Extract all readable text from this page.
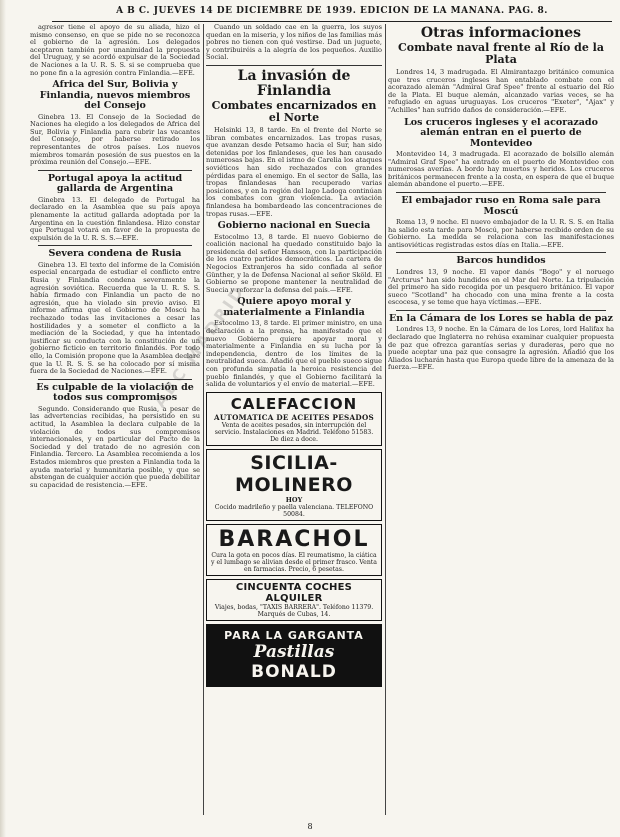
A B C. JUEVES 14 DE DICIEMBRE DE 1939. EDICION DE LA MAÑANA. PAG. 8.

agresor tiene el apoyo de su aliada, hizo el mismo consenso, en que se pide no se reconozca el gobierno de la agresión. Los delegados aceptaron también por unanimidad la propuesta del Uruguay, y se acordó expulsar de la Sociedad de Naciones a la U. R. S. S. si se comprueba que no pone fin a la agresión contra Finlandia.—EFE.

Africa del Sur, Bolivia y Finlandia, nuevos miembros del Consejo

Ginebra 13. El Consejo de la Sociedad de Naciones ha elegido a los delegados de Africa del Sur, Bolivia y Finlandia para cubrir las vacantes del Consejo, por haberse retirado los representantes de otros países. Los nuevos miembros tomarán posesión de sus puestos en la próxima reunión del Consejo.—EFE.

Portugal apoya la actitud gallarda de Argentina

Ginebra 13. El delegado de Portugal ha declarado en la Asamblea que su país apoya plenamente la actitud gallarda adoptada por la Argentina en la cuestión finlandesa. Hizo constar que Portugal votará en favor de la propuesta de expulsión de la U. R. S. S.—EFE.

Severa condena de Rusia

Ginebra 13. El texto del informe de la Comisión especial encargada de estudiar el conflicto entre Rusia y Finlandia condena severamente la agresión soviética. Recuerda que la U. R. S. S. había firmado con Finlandia un pacto de no agresión, que ha violado sin previo aviso. El informe afirma que el Gobierno de Moscú ha rechazado todas las invitaciones a cesar las hostilidades y a someter el conflicto a la mediación de la Sociedad, y que ha intentado justificar su conducta con la constitución de un gobierno ficticio en territorio finlandés. Por todo ello, la Comisión propone que la Asamblea declare que la U. R. S. S. se ha colocado por sí misma fuera de la Sociedad de Naciones.—EFE.

Es culpable de la violación de todos sus compromisos

Segundo. Considerando que Rusia, a pesar de las advertencias recibidas, ha persistido en su actitud, la Asamblea la declara culpable de la violación de todos sus compromisos internacionales, y en particular del Pacto de la Sociedad y del tratado de no agresión con Finlandia. Tercero. La Asamblea recomienda a los Estados miembros que presten a Finlandia toda la ayuda material y humanitaria posible, y que se abstengan de cualquier acción que pueda debilitar su capacidad de resistencia.—EFE.

Cuando un soldado cae en la guerra, los suyos quedan en la miseria, y los niños de las familias más pobres no tienen con qué vestirse. Dad un juguete, y contribuiréis a la alegría de los pequeños. Auxilio Social.

La invasión de Finlandia
Combates encarnizados en el Norte

Helsinki 13, 8 tarde. En el frente del Norte se libran combates encarnizados. Las tropas rusas, que avanzan desde Petsamo hacia el Sur, han sido detenidas por los finlandeses, que les han causado numerosas bajas. En el istmo de Carelia los ataques soviéticos han sido rechazados con grandes pérdidas para el enemigo. En el sector de Salla, las tropas finlandesas han recuperado varias posiciones, y en la región del lago Ladoga continúan los combates con gran violencia. La aviación finlandesa ha bombardeado las concentraciones de tropas rusas.—EFE.

Gobierno nacional en Suecia

Estocolmo 13, 8 tarde. El nuevo Gobierno de coalición nacional ha quedado constituido bajo la presidencia del señor Hansson, con la participación de los cuatro partidos democráticos. La cartera de Negocios Extranjeros ha sido confiada al señor Günther, y la de Defensa Nacional al señor Sköld. El Gobierno se propone mantener la neutralidad de Suecia y reforzar la defensa del país.—EFE.

Quiere apoyo moral y materialmente a Finlandia

Estocolmo 13, 8 tarde. El primer ministro, en una declaración a la prensa, ha manifestado que el nuevo Gobierno quiere apoyar moral y materialmente a Finlandia en su lucha por la independencia, dentro de los límites de la neutralidad sueca. Añadió que el pueblo sueco sigue con profunda simpatía la heroica resistencia del pueblo finlandés, y que el Gobierno facilitará la salida de voluntarios y el envío de material.—EFE.

CALEFACCION
AUTOMATICA DE ACEITES PESADOS
Venta de aceites pesados, sin interrupción del servicio. Instalaciones en Madrid. Teléfono 51583. De diez a doce.
SICILIA-MOLINERO
HOY
Cocido madrileño y paella valenciana. TELEFONO 50084.
BARACHOL
Cura la gota en pocos días. El reumatismo, la ciática y el lumbago se alivian desde el primer frasco. Venta en farmacias. Precio, 6 pesetas.
CINCUENTA COCHES ALQUILER
Viajes, bodas, "TAXIS BARRERA". Teléfono 11379. Marqués de Cubas, 14.
PARA LA GARGANTA
Pastillas BONALD
Otras informaciones
Combate naval frente al Río de la Plata

Londres 14, 3 madrugada. El Almirantazgo británico comunica que tres cruceros ingleses han entablado combate con el acorazado alemán "Admiral Graf Spee" frente al estuario del Río de la Plata. El buque alemán, alcanzado varias veces, se ha refugiado en aguas uruguayas. Los cruceros "Exeter", "Ajax" y "Achilles" han sufrido daños de consideración.—EFE.

Los cruceros ingleses y el acorazado alemán entran en el puerto de Montevideo

Montevideo 14, 3 madrugada. El acorazado de bolsillo alemán "Admiral Graf Spee" ha entrado en el puerto de Montevideo con numerosas averías. A bordo hay muertos y heridos. Los cruceros británicos permanecen frente a la costa, en espera de que el buque alemán abandone el puerto.—EFE.

El embajador ruso en Roma sale para Moscú

Roma 13, 9 noche. El nuevo embajador de la U. R. S. S. en Italia ha salido esta tarde para Moscú, por haberse recibido orden de su Gobierno. La medida se relaciona con las manifestaciones antisoviéticas registradas estos días en Italia.—EFE.

Barcos hundidos

Londres 13, 9 noche. El vapor danés "Bogo" y el noruego "Arcturus" han sido hundidos en el Mar del Norte. La tripulación del primero ha sido recogida por un pesquero británico. El vapor sueco "Scotland" ha chocado con una mina frente a la costa escocesa, y se teme que haya víctimas.—EFE.

En la Cámara de los Lores se habla de paz

Londres 13, 9 noche. En la Cámara de los Lores, lord Halifax ha declarado que Inglaterra no rehúsa examinar cualquier propuesta de paz que ofrezca garantías serias y duraderas, pero que no puede aceptar una paz que consagre la agresión. Añadió que los Aliados lucharán hasta que Europa quede libre de la amenaza de la fuerza.—EFE.

ABC MADRID
8
